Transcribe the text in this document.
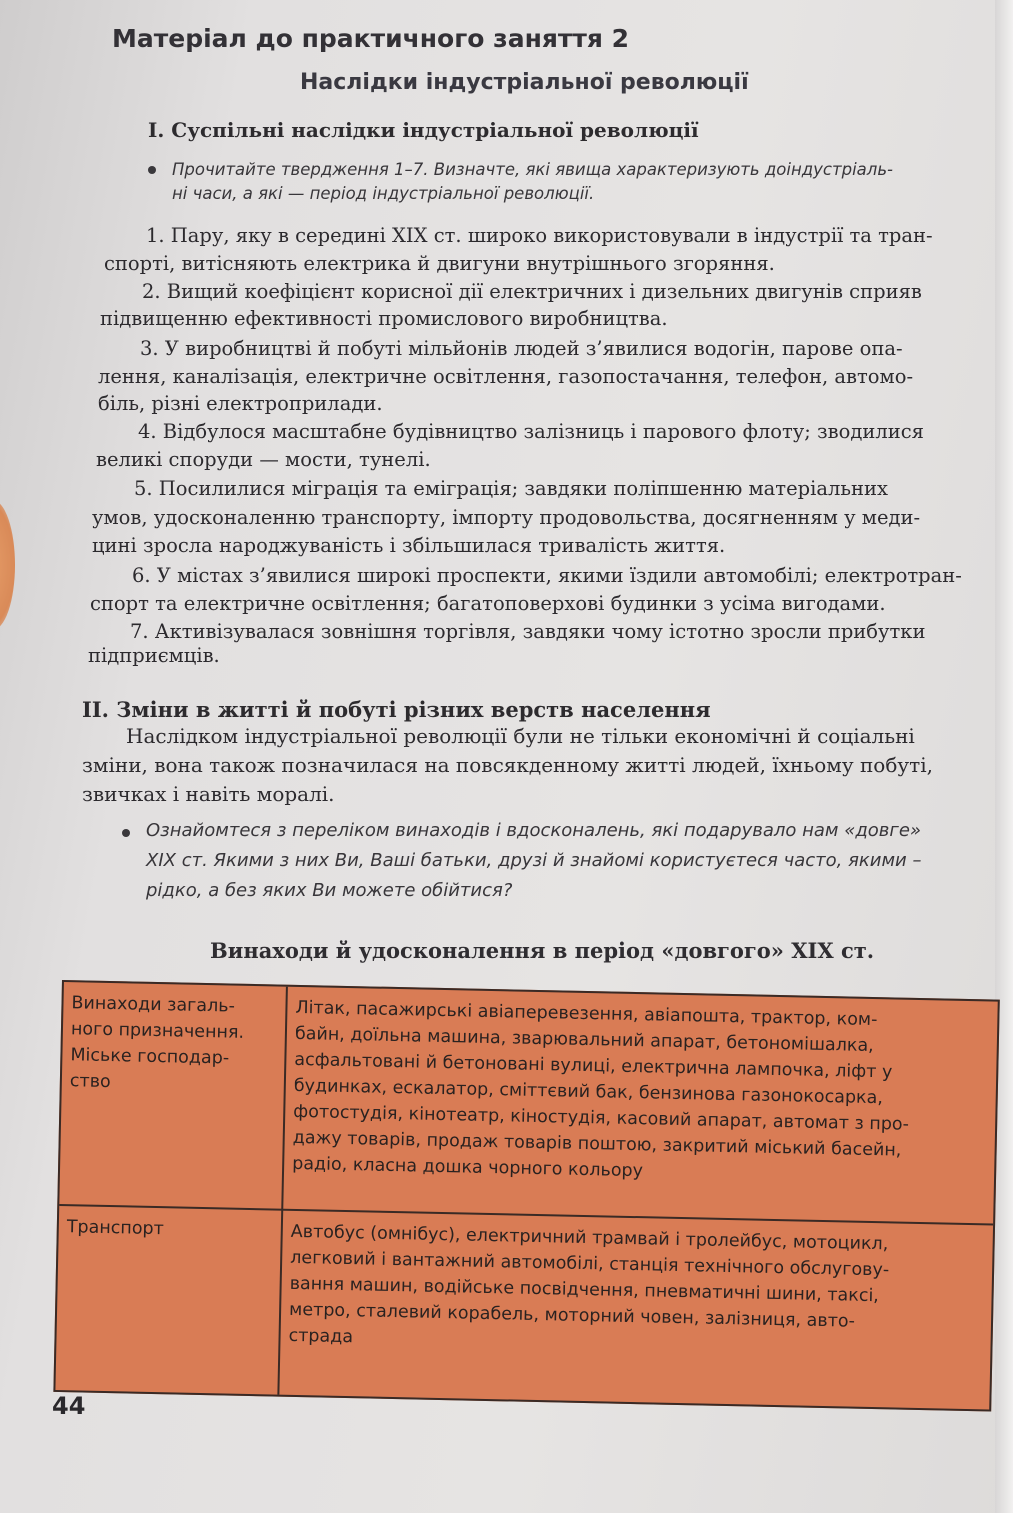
Матеріал до практичного заняття 2
Наслідки індустріальної революції
I. Суспільні наслідки індустріальної революції
Прочитайте твердження 1–7. Визначте, які явища характеризують доіндустріаль-
ні часи, а які — період індустріальної революції.
1. Пару, яку в середині XIX ст. широко використовували в індустрії та тран-
спорті, витісняють електрика й двигуни внутрішнього згоряння.
2. Вищий коефіцієнт корисної дії електричних і дизельних двигунів сприяв
підвищенню ефективності промислового виробництва.
3. У виробництві й побуті мільйонів людей з’явилися водогін, парове опа-
лення, каналізація, електричне освітлення, газопостачання, телефон, автомо-
біль, різні електроприлади.
4. Відбулося масштабне будівництво залізниць і парового флоту; зводилися
великі споруди — мости, тунелі.
5. Посилилися міграція та еміграція; завдяки поліпшенню матеріальних
умов, удосконаленню транспорту, імпорту продовольства, досягненням у меди-
цині зросла народжуваність і збільшилася тривалість життя.
6. У містах з’явилися широкі проспекти, якими їздили автомобілі; електротран-
спорт та електричне освітлення; багатоповерхові будинки з усіма вигодами.
7. Активізувалася зовнішня торгівля, завдяки чому істотно зросли прибутки
підприємців.
II. Зміни в житті й побуті різних верств населення
Наслідком індустріальної революції були не тільки економічні й соціальні
зміни, вона також позначилася на повсякденному житті людей, їхньому побуті,
звичках і навіть моралі.
Ознайомтеся з переліком винаходів і вдосконалень, які подарувало нам «довге»
XIX ст. Якими з них Ви, Ваші батьки, друзі й знайомі користуєтеся часто, якими –
рідко, а без яких Ви можете обійтися?
Винаходи й удосконалення в період «довгого» XIX ст.
Винаходи загаль-
ного призначення.
Міське господар-
ство
Літак, пасажирські авіаперевезення, авіапошта, трактор, ком-
байн, доїльна машина, зварювальний апарат, бетономішалка,
асфальтовані й бетоновані вулиці, електрична лампочка, ліфт у
будинках, ескалатор, сміттєвий бак, бензинова газонокосарка,
фотостудія, кінотеатр, кіностудія, касовий апарат, автомат з про-
дажу товарів, продаж товарів поштою, закритий міський басейн,
радіо, класна дошка чорного кольору
Транспорт	Автобус (омнібус), електричний трамвай і тролейбус, мотоцикл,
легковий і вантажний автомобілі, станція технічного обслугову-
вання машин, водійське посвідчення, пневматичні шини, таксі,
метро, сталевий корабель, моторний човен, залізниця, авто-
страда
44
